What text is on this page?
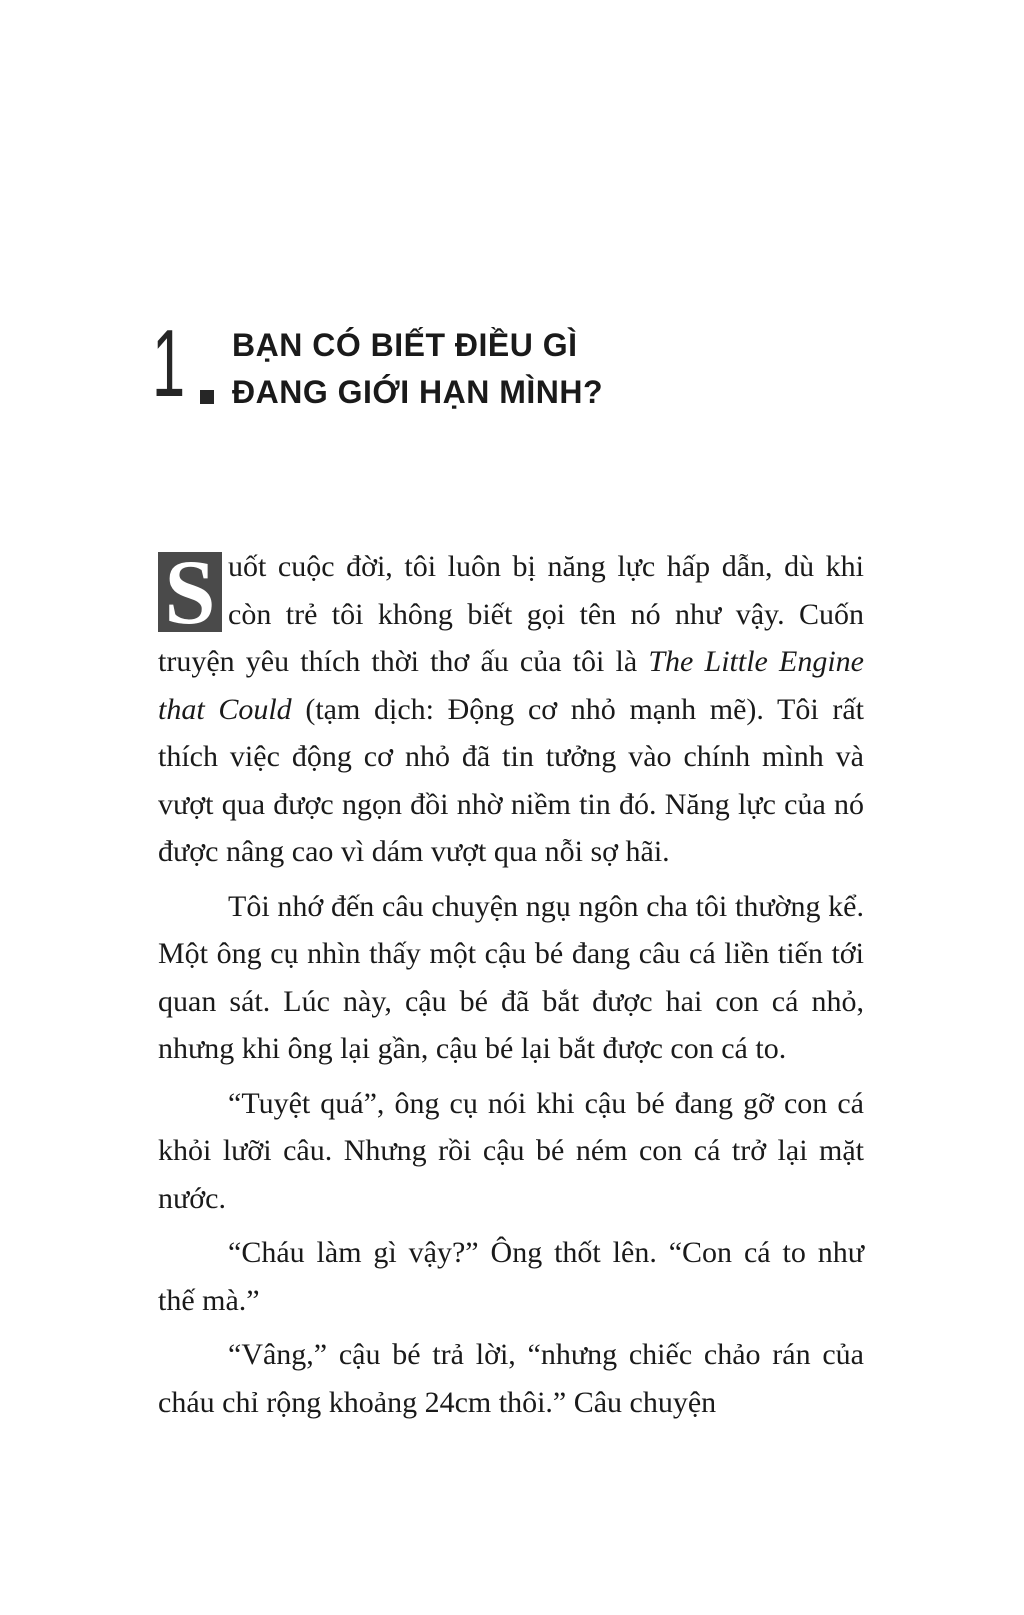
1 BẠN CÓ BIẾT ĐIỀU GÌ
ĐANG GIỚI HẠN MÌNH?

S uốt cuộc đời, tôi luôn bị năng lực hấp dẫn, dù khi còn trẻ tôi không biết gọi tên nó như vậy. Cuốn truyện yêu thích thời thơ ấu của tôi là The Little Engine that Could (tạm dịch: Động cơ nhỏ mạnh mẽ). Tôi rất thích việc động cơ nhỏ đã tin tưởng vào chính mình và vượt qua được ngọn đồi nhờ niềm tin đó. Năng lực của nó được nâng cao vì dám vượt qua nỗi sợ hãi.

Tôi nhớ đến câu chuyện ngụ ngôn cha tôi thường kể. Một ông cụ nhìn thấy một cậu bé đang câu cá liền tiến tới quan sát. Lúc này, cậu bé đã bắt được hai con cá nhỏ, nhưng khi ông lại gần, cậu bé lại bắt được con cá to.

“Tuyệt quá”, ông cụ nói khi cậu bé đang gỡ con cá khỏi lưỡi câu. Nhưng rồi cậu bé ném con cá trở lại mặt nước.

“Cháu làm gì vậy?” Ông thốt lên. “Con cá to như thế mà.”

“Vâng,” cậu bé trả lời, “nhưng chiếc chảo rán của cháu chỉ rộng khoảng 24cm thôi.” Câu chuyện
